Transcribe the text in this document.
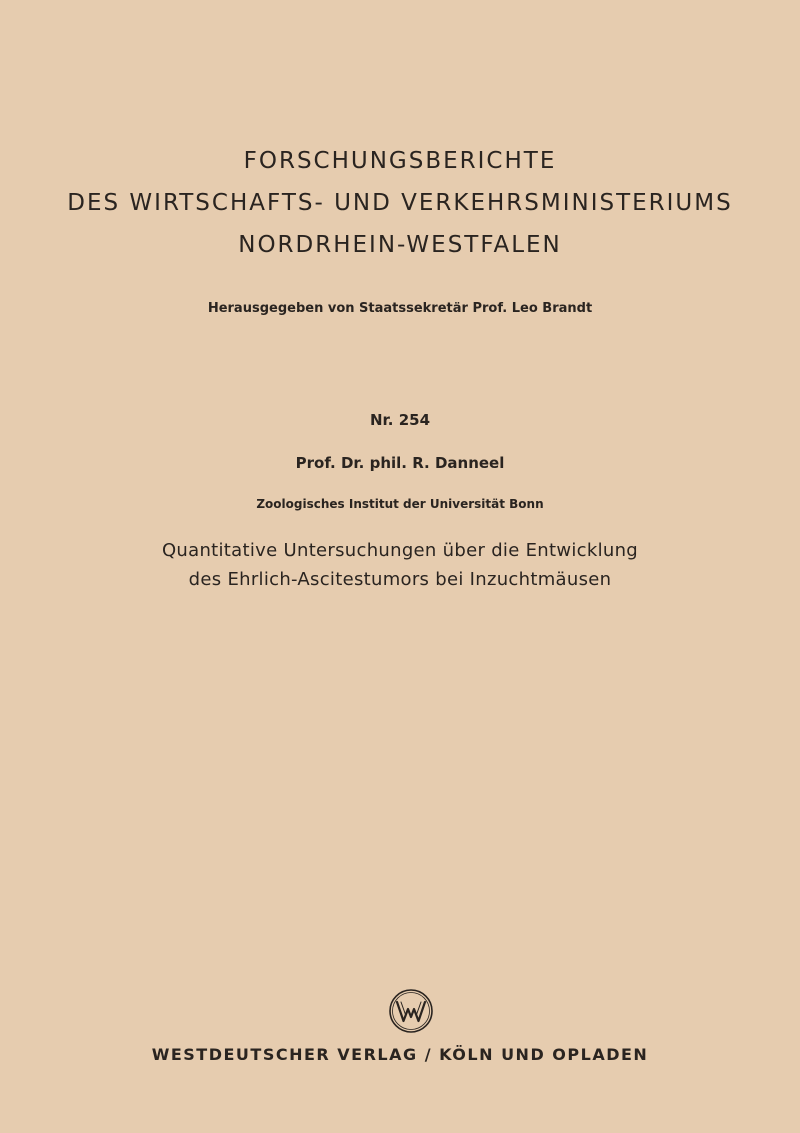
FORSCHUNGSBERICHTE
DES WIRTSCHAFTS- UND VERKEHRSMINISTERIUMS
NORDRHEIN-WESTFALEN
Herausgegeben von Staatssekretär Prof. Leo Brandt
Nr. 254
Prof. Dr. phil. R. Danneel
Zoologisches Institut der Universität Bonn
Quantitative Untersuchungen über die Entwicklung
des Ehrlich-Ascitestumors bei Inzuchtmäusen
WESTDEUTSCHER VERLAG / KÖLN UND OPLADEN
